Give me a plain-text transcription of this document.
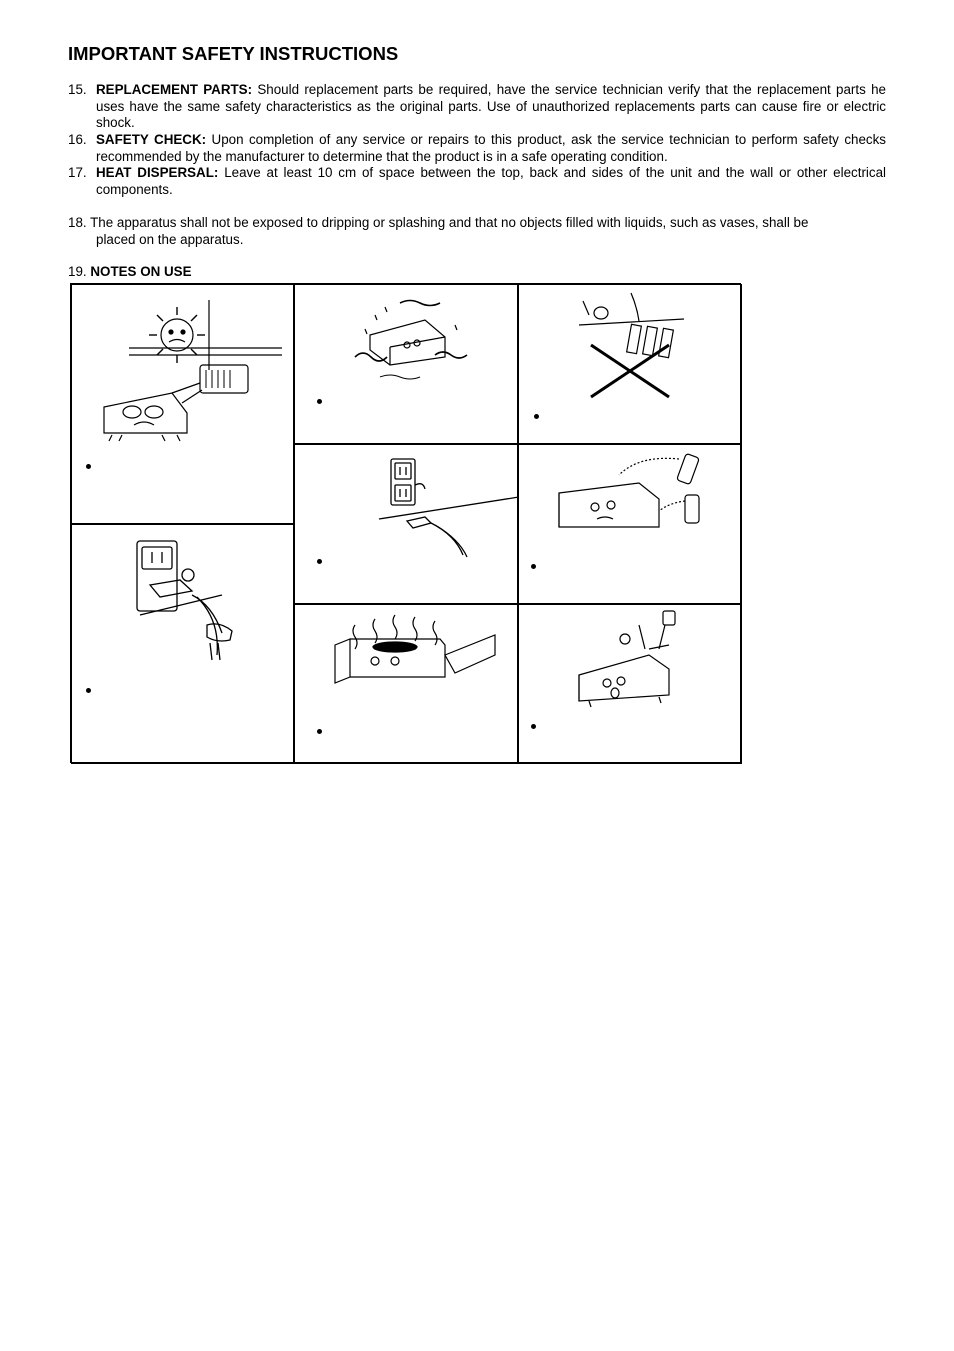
IMPORTANT SAFETY INSTRUCTIONS
15. REPLACEMENT PARTS: Should replacement parts be required, have the service technician verify that the replacement parts he uses have the same safety characteristics as the original parts. Use of unauthorized replacements parts can cause fire or electric shock.
16. SAFETY CHECK: Upon completion of any service or repairs to this product, ask the service technician to perform safety checks recommended by the manufacturer to determine that the product is in a safe operating condition.
17. HEAT DISPERSAL: Leave at least 10 cm of space between the top, back and sides of the unit and the wall or other electrical components.
18. The apparatus shall not be exposed to dripping or splashing and that no objects filled with liquids, such as vases, shall be
placed on the apparatus.
19. NOTES ON USE
